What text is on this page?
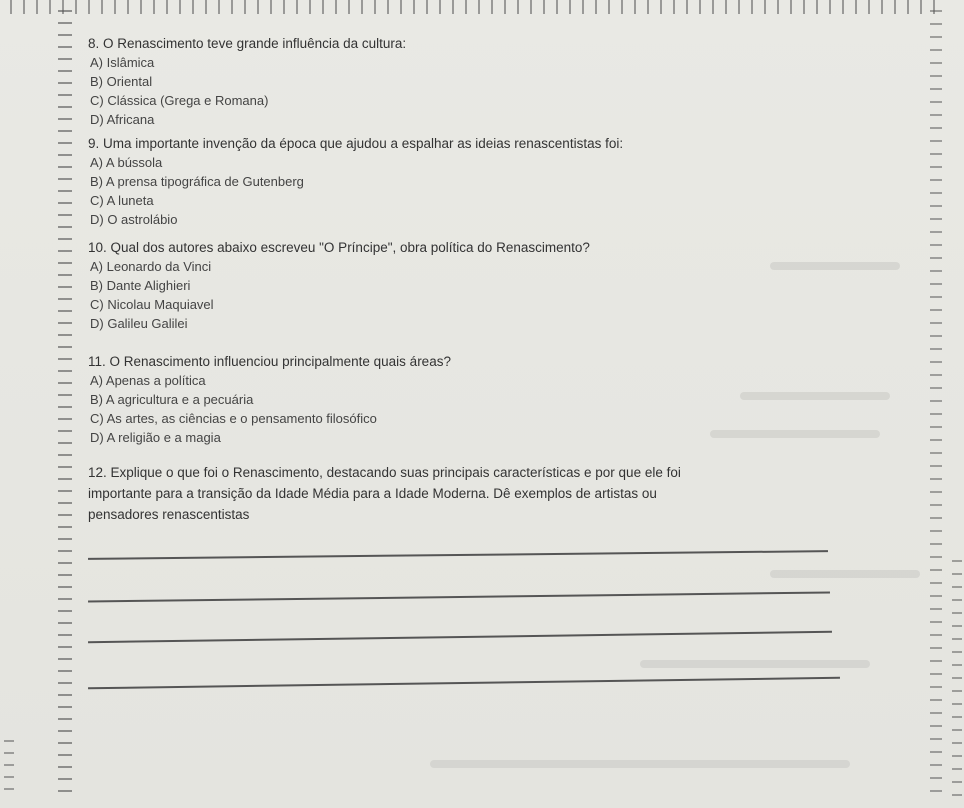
8. O Renascimento teve grande influência da cultura:

A) Islâmica

B) Oriental

C) Clássica (Grega e Romana)

D) Africana

9. Uma importante invenção da época que ajudou a espalhar as ideias renascentistas foi:

A) A bússola

B) A prensa tipográfica de Gutenberg

C) A luneta

D) O astrolábio

10. Qual dos autores abaixo escreveu "O Príncipe", obra política do Renascimento?

A) Leonardo da Vinci

B) Dante Alighieri

C) Nicolau Maquiavel

D) Galileu Galilei

11. O Renascimento influenciou principalmente quais áreas?

A) Apenas a política

B) A agricultura e a pecuária

C) As artes, as ciências e o pensamento filosófico

D) A religião e a magia

12. Explique o que foi o Renascimento, destacando suas principais características e por que ele foi

importante para a transição da Idade Média para a Idade Moderna. Dê exemplos de artistas ou

pensadores renascentistas
